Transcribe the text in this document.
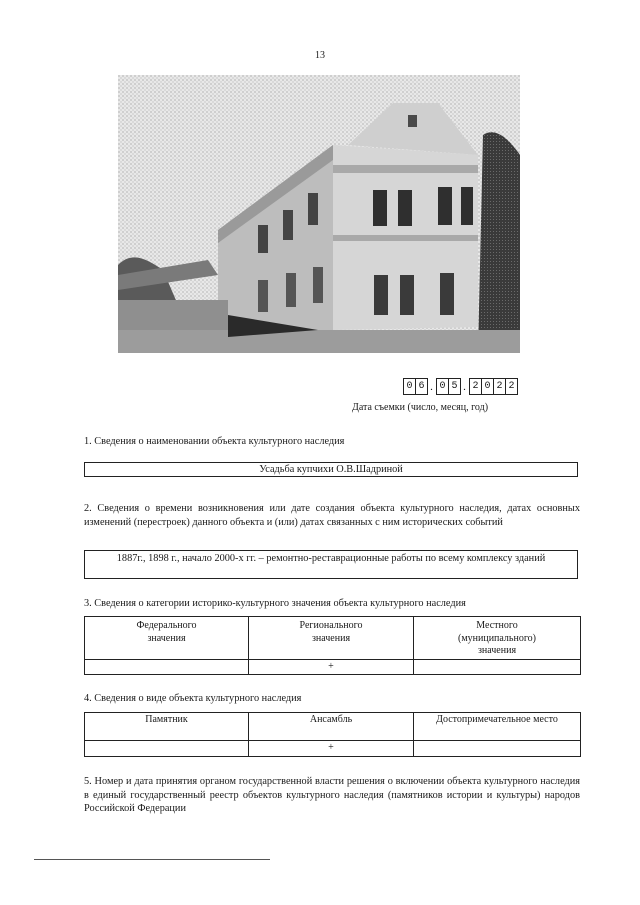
13
0 6 . 0 5 . 2 0 2 2
Дата съемки (число, месяц, год)
1. Сведения о наименовании объекта культурного наследия
Усадьба купчихи О.В.Шадриной
2. Сведения о времени возникновения или дате создания объекта культурного наследия, датах основных изменений (перестроек) данного объекта и (или) датах связанных с ним исторических событий
1887г., 1898 г., начало 2000-х гг. – ремонтно-реставрационные работы по всему комплексу зданий
3. Сведения о категории историко-культурного значения объекта культурного наследия
Федерального значения	Регионального значения	Местного (муниципального) значения
	+	
4. Сведения о виде объекта культурного наследия
Памятник	Ансамбль	Достопримечательное место
	+	
5. Номер и дата принятия органом государственной власти решения о включении объекта культурного наследия в единый государственный реестр объектов культурного наследия (памятников истории и культуры) народов Российской Федерации
